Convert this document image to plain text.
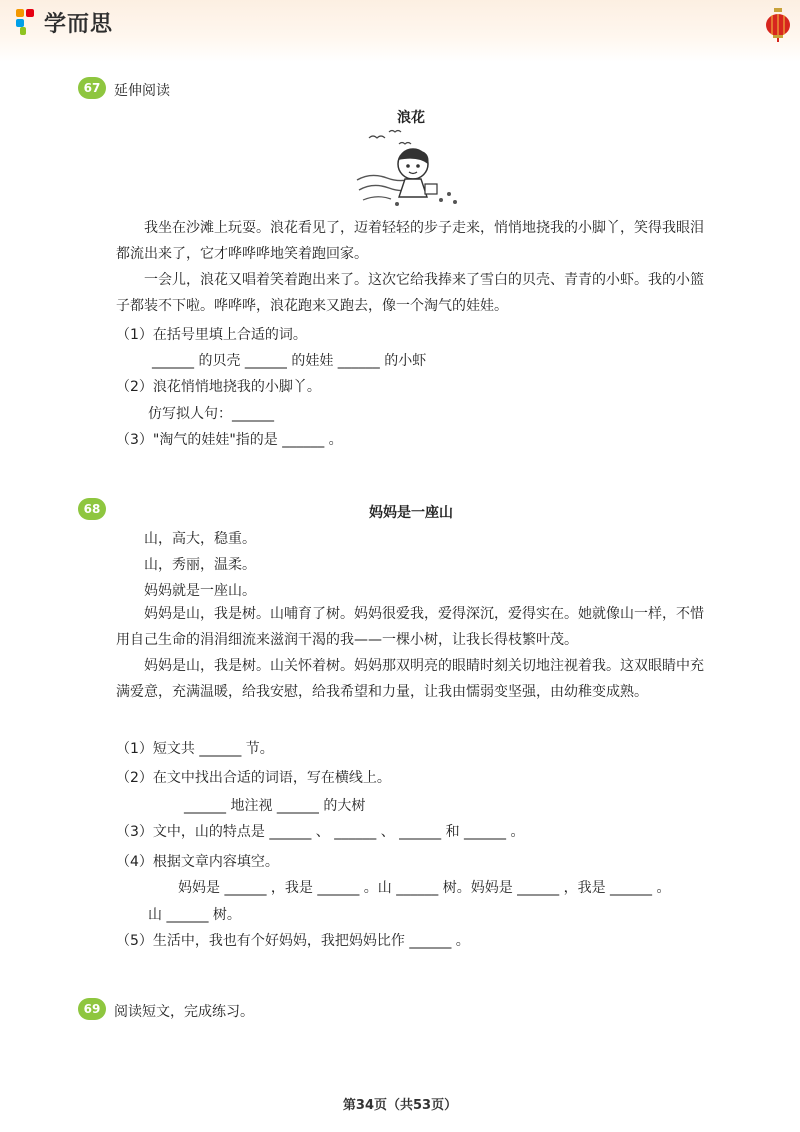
学而思
67 延伸阅读
浪花
我坐在沙滩上玩耍。浪花看见了，迈着轻轻的步子走来，悄悄地挠我的小脚丫，笑得我眼泪都流出来了，它才哗哗哗地笑着跑回家。
一会儿，浪花又唱着笑着跑出来了。这次它给我捧来了雪白的贝壳、青青的小虾。我的小篮子都装不下啦。哗哗哗，浪花跑来又跑去，像一个淘气的娃娃。
（1）在括号里填上合适的词。
______ 的贝壳 ______ 的娃娃 ______ 的小虾
（2）浪花悄悄地挠我的小脚丫。
仿写拟人句：______
（3）"淘气的娃娃"指的是 ______ 。
68	妈妈是一座山
山，高大，稳重。
山，秀丽，温柔。
妈妈就是一座山。
妈妈是山，我是树。山哺育了树。妈妈很爱我，爱得深沉，爱得实在。她就像山一样，不惜用自己生命的涓涓细流来滋润干渴的我——一棵小树，让我长得枝繁叶茂。
妈妈是山，我是树。山关怀着树。妈妈那双明亮的眼睛时刻关切地注视着我。这双眼睛中充满爱意，充满温暖，给我安慰，给我希望和力量，让我由懦弱变坚强，由幼稚变成熟。
（1）短文共 ______ 节。
（2）在文中找出合适的词语，写在横线上。
______ 地注视 ______ 的大树
（3）文中，山的特点是 ______ 、 ______ 、 ______ 和 ______ 。
（4）根据文章内容填空。
妈妈是 ______ ，我是 ______ 。山 ______ 树。妈妈是 ______ ，我是 ______ 。
山 ______ 树。
（5）生活中，我也有个好妈妈，我把妈妈比作 ______ 。
69 阅读短文，完成练习。
第34页（共53页）
